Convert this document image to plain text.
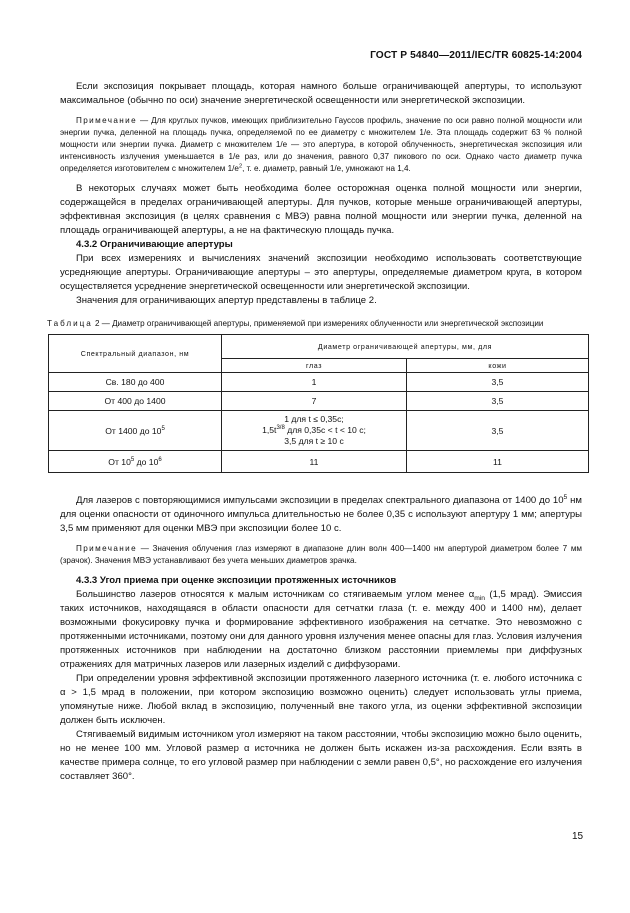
ГОСТ Р 54840—2011/IEC/TR 60825-14:2004

Если экспозиция покрывает площадь, которая намного больше ограничивающей апертуры, то используют максимальное (обычно по оси) значение энергетической освещенности или энергетической экспозиции.

Примечание — Для круглых пучков, имеющих приблизительно Гауссов профиль, значение по оси равно полной мощности или энергии пучка, деленной на площадь пучка, определяемой по ее диаметру с множителем 1/e. Эта площадь содержит 63 % полной мощности или энергии пучка. Диаметр с множителем 1/e — это апертура, в которой облученность, энергетическая экспозиция или интенсивность излучения уменьшается в 1/e раз, или до значения, равного 0,37 пикового по оси. Однако часто диаметр пучка определяется изготовителем с множителем $1/e^2$, т. е. диаметр, равный 1/e, умножают на 1,4.

В некоторых случаях может быть необходима более осторожная оценка полной мощности или энергии, содержащейся в пределах ограничивающей апертуры. Для пучков, которые меньше ограничивающей апертуры, эффективная экспозиция (в целях сравнения с МВЭ) равна полной мощности или энергии пучка, деленной на площадь ограничивающей апертуры, а не на фактическую площадь пучка.

4.3.2 Ограничивающие апертуры

При всех измерениях и вычислениях значений экспозиции необходимо использовать соответствующие усредняющие апертуры. Ограничивающие апертуры – это апертуры, определяемые диаметром круга, в котором осуществляется усреднение энергетической освещенности или энергетической экспозиции.

Значения для ограничивающих апертур представлены в таблице 2.

Таблица 2 — Диаметр ограничивающей апертуры, применяемой при измерениях облученности или энергетической экспозиции

Спектральный диапазон, нм	Диаметр ограничивающей апертуры, мм, для	
	глаз	кожи
Св. 180 до 400	1	3,5
От 400 до 1400	7	3,5
От 1400 до $10^5$	1 для t ≤ 0,35с;
$1,5t^{3/8}$ для 0,35с < t < 10 с;
3,5 для t ≥ 10 с	3,5
От $10^5$ до $10^6$	11	11

Для лазеров с повторяющимися импульсами экспозиции в пределах спектрального диапазона от 1400 до $10^5$ нм для оценки опасности от одиночного импульса длительностью не более 0,35 с используют апертуру 1 мм; апертуры 3,5 мм применяют для оценки МВЭ при экспозиции более 10 с.

Примечание — Значения облучения глаз измеряют в диапазоне длин волн 400—1400 нм апертурой диаметром более 7 мм (зрачок). Значения МВЭ устанавливают без учета меньших диаметров зрачка.

4.3.3 Угол приема при оценке экспозиции протяженных источников

Большинство лазеров относятся к малым источникам со стягиваемым углом менее $\alpha_{min}$ (1,5 мрад). Эмиссия таких источников, находящаяся в области опасности для сетчатки глаза (т. е. между 400 и 1400 нм), делает возможными фокусировку пучка и формирование эффективного изображения на сетчатке. Это невозможно с протяженными источниками, поэтому они для данного уровня излучения менее опасны для глаз. Условия излучения протяженных источников при наблюдении на достаточно близком расстоянии приемлемы при диффузных отражениях для матричных лазеров или лазерных изделий с диффузорами.

При определении уровня эффективной экспозиции протяженного лазерного источника (т. е. любого источника с α > 1,5 мрад в положении, при котором экспозицию возможно оценить) следует использовать углы приема, упомянутые ниже. Любой вклад в экспозицию, полученный вне такого угла, из оценки эффективной экспозиции должен быть исключен.

Стягиваемый видимым источником угол измеряют на таком расстоянии, чтобы экспозицию можно было оценить, но не менее 100 мм. Угловой размер α источника не должен быть искажен из-за расхождения. Если взять в качестве примера солнце, то его угловой размер при наблюдении с земли равен 0,5°, но расхождение его излучения составляет 360°.

15
